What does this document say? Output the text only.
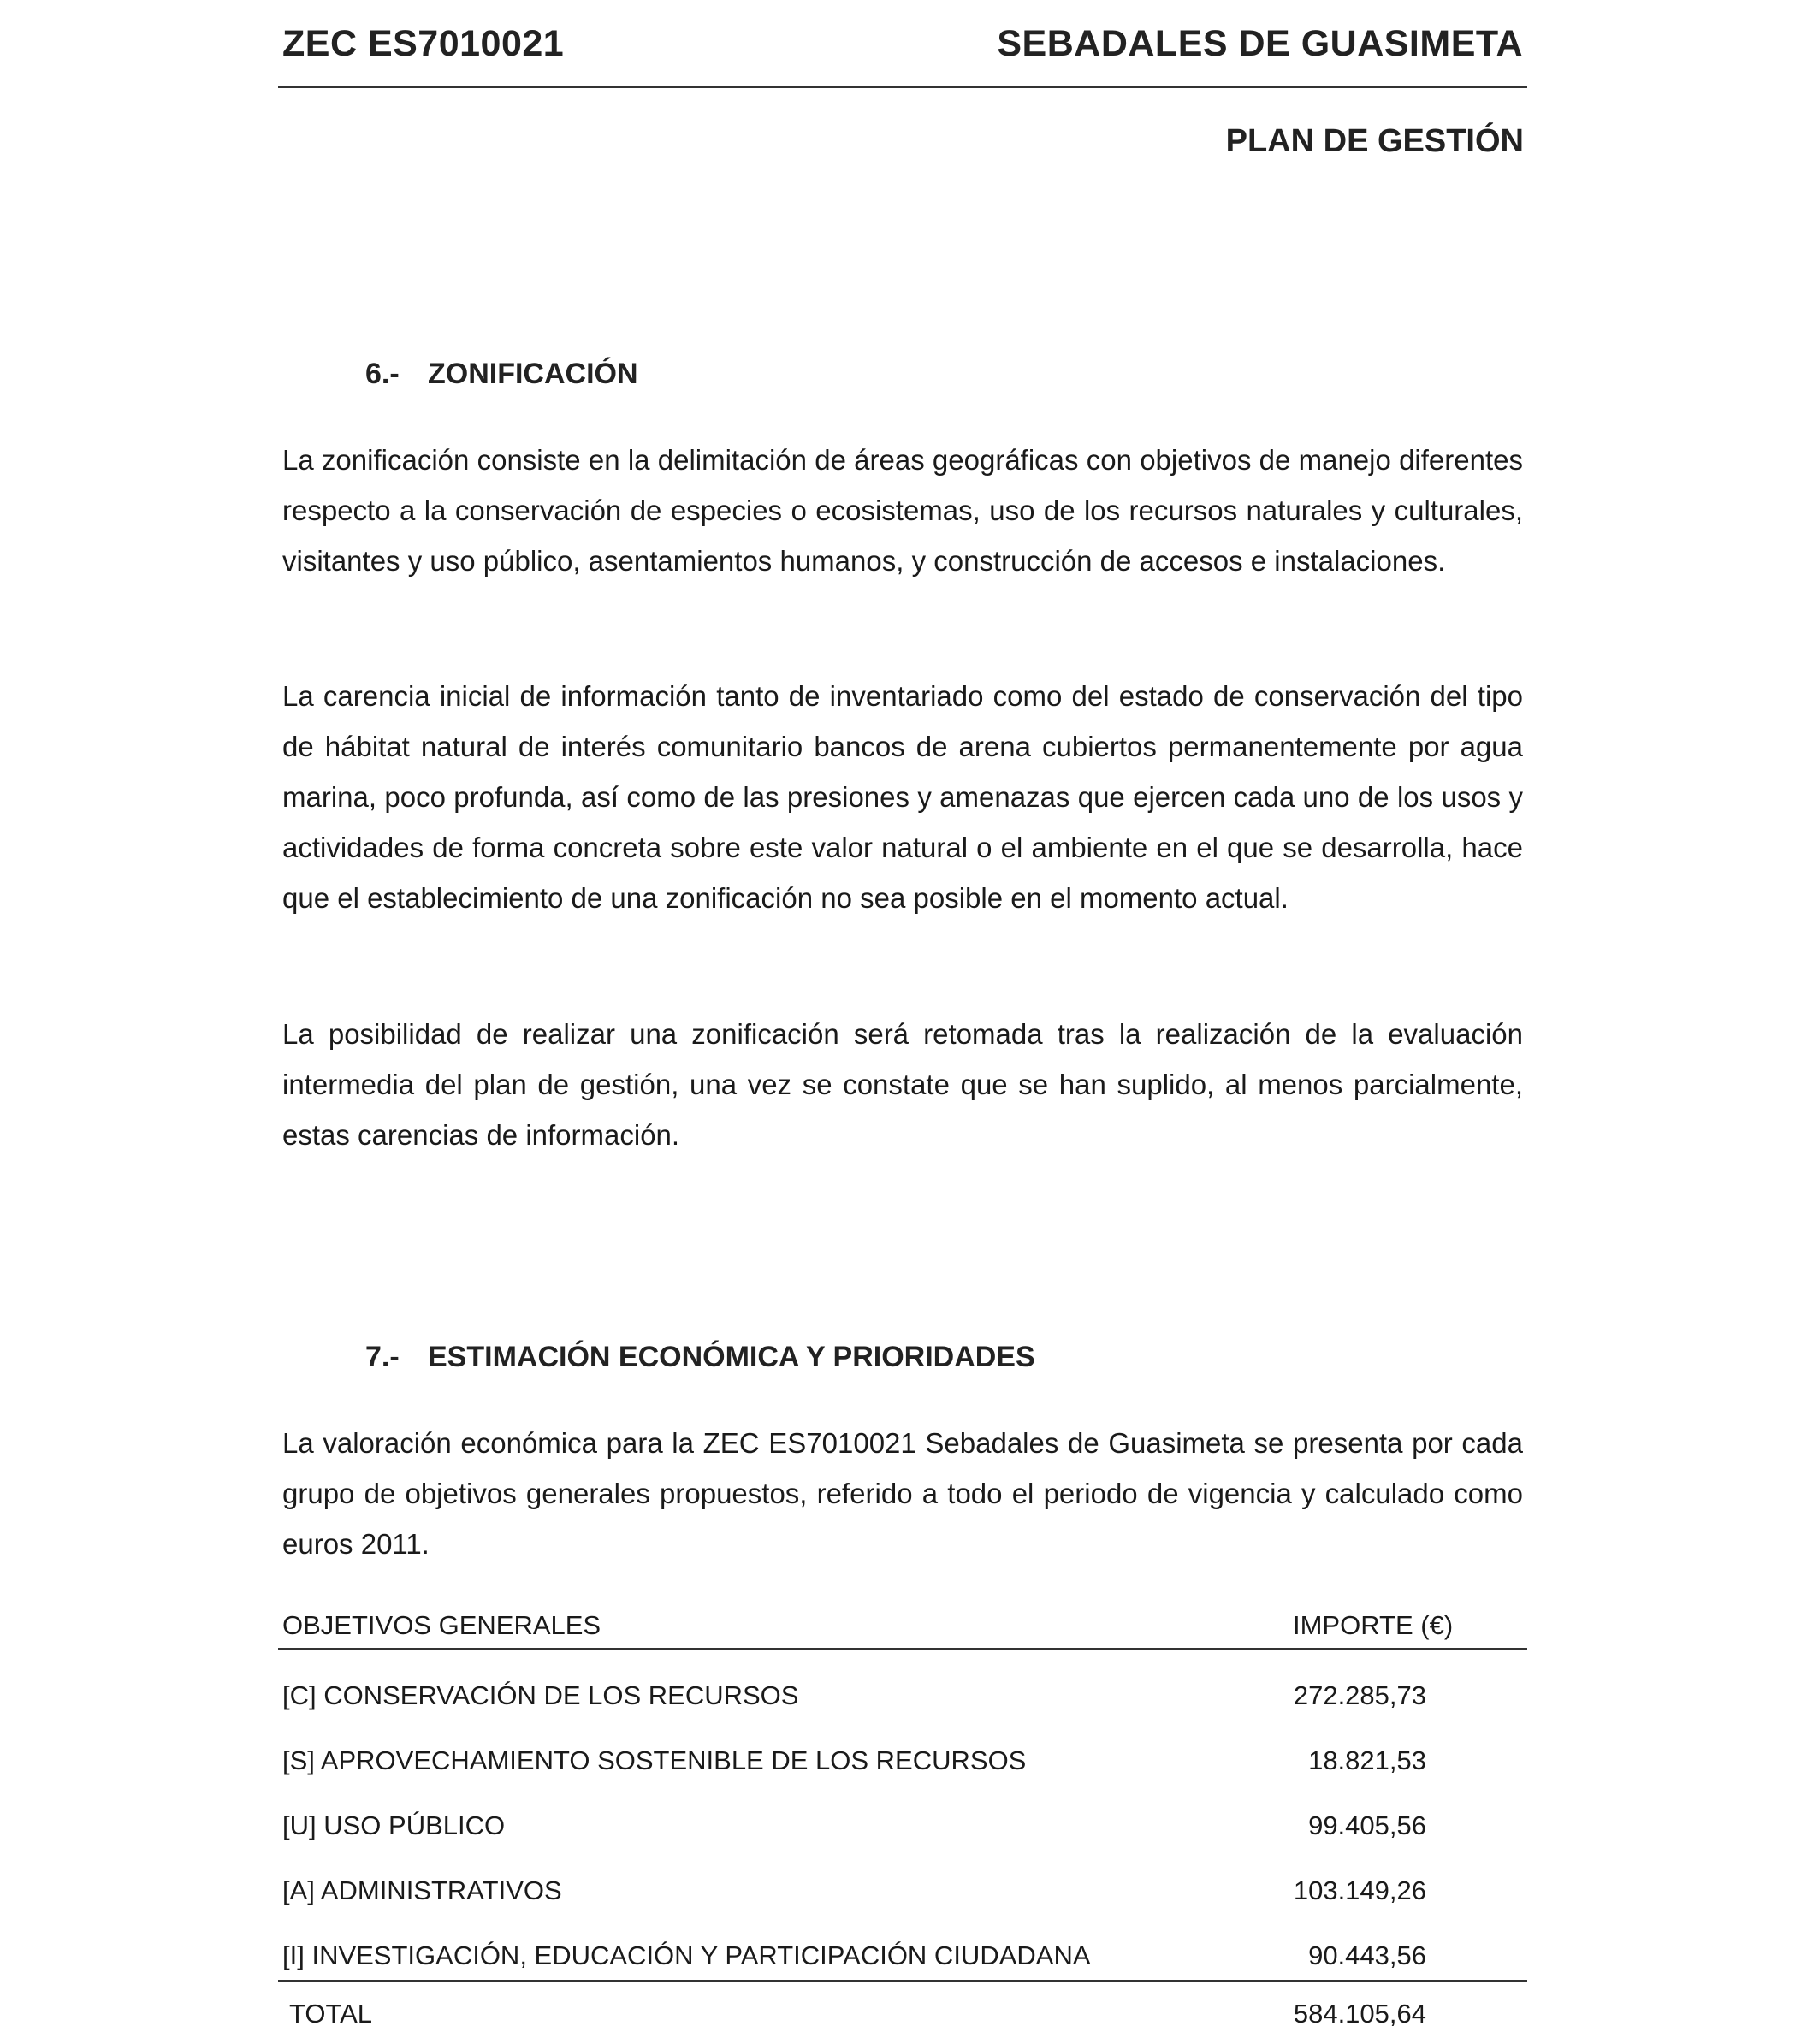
ZEC ES7010021	SEBADALES DE GUASIMETA
PLAN DE GESTIÓN
6.- ZONIFICACIÓN
La zonificación consiste en la delimitación de áreas geográficas con objetivos de manejo diferentes respecto a la conservación de especies o ecosistemas, uso de los recursos naturales y culturales, visitantes y uso público, asentamientos humanos, y construcción de accesos e instalaciones.
La carencia inicial de información tanto de inventariado como del estado de conservación del tipo de hábitat natural de interés comunitario bancos de arena cubiertos permanentemente por agua marina, poco profunda, así como de las presiones y amenazas que ejercen cada uno de los usos y actividades de forma concreta sobre este valor natural o el ambiente en el que se desarrolla, hace que el establecimiento de una zonificación no sea posible en el momento actual.
La posibilidad de realizar una zonificación será retomada tras la realización de la evaluación intermedia del plan de gestión, una vez se constate que se han suplido, al menos parcialmente, estas carencias de información.
7.- ESTIMACIÓN ECONÓMICA Y PRIORIDADES
La valoración económica para la ZEC ES7010021 Sebadales de Guasimeta se presenta por cada grupo de objetivos generales propuestos, referido a todo el periodo de vigencia y calculado como euros 2011.
OBJETIVOS GENERALES	IMPORTE (€)
[C] CONSERVACIÓN DE LOS RECURSOS	272.285,73
[S] APROVECHAMIENTO SOSTENIBLE DE LOS RECURSOS	18.821,53
[U] USO PÚBLICO	99.405,56
[A] ADMINISTRATIVOS	103.149,26
[I] INVESTIGACIÓN, EDUCACIÓN Y PARTICIPACIÓN CIUDADANA	90.443,56
TOTAL	584.105,64
